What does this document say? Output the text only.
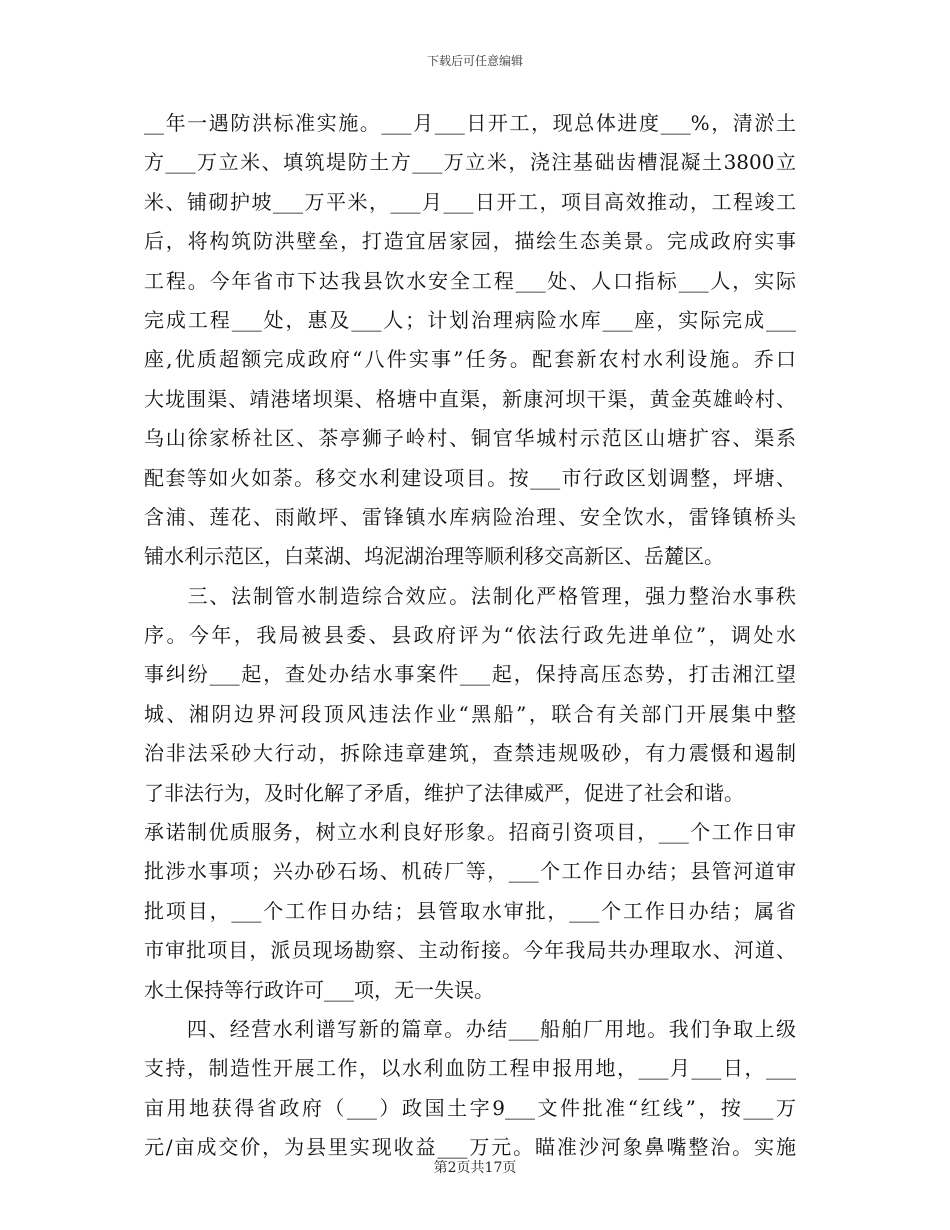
下载后可任意编辑
__年一遇防洪标准实施。___月___日开工，现总体进度___%，清淤土
方___万立米、填筑堤防土方___万立米，浇注基础齿槽混凝土3800立
米、铺砌护坡___万平米，___月___日开工，项目高效推动，工程竣工
后，将构筑防洪壁垒，打造宜居家园，描绘生态美景。完成政府实事
工程。今年省市下达我县饮水安全工程___处、人口指标___人，实际
完成工程___处，惠及___人；计划治理病险水库___座，实际完成___
座,优质超额完成政府“八件实事”任务。配套新农村水利设施。乔口
大垅围渠、靖港堵坝渠、格塘中直渠，新康河坝干渠，黄金英雄岭村、
乌山徐家桥社区、茶亭狮子岭村、铜官华城村示范区山塘扩容、渠系
配套等如火如荼。移交水利建设项目。按___市行政区划调整，坪塘、
含浦、莲花、雨敞坪、雷锋镇水库病险治理、安全饮水，雷锋镇桥头
铺水利示范区，白菜湖、坞泥湖治理等顺利移交高新区、岳麓区。
　　三、法制管水制造综合效应。法制化严格管理，强力整治水事秩
序。今年，我局被县委、县政府评为“依法行政先进单位”，调处水
事纠纷___起，查处办结水事案件___起，保持高压态势，打击湘江望
城、湘阴边界河段顶风违法作业“黑船”，联合有关部门开展集中整
治非法采砂大行动，拆除违章建筑，查禁违规吸砂，有力震慑和遏制
了非法行为，及时化解了矛盾，维护了法律威严，促进了社会和谐。
承诺制优质服务，树立水利良好形象。招商引资项目，___个工作日审
批涉水事项；兴办砂石场、机砖厂等，___个工作日办结；县管河道审
批项目，___个工作日办结；县管取水审批，___个工作日办结；属省
市审批项目，派员现场勘察、主动衔接。今年我局共办理取水、河道、
水土保持等行政许可___项，无一失误。
　　四、经营水利谱写新的篇章。办结___船舶厂用地。我们争取上级
支持，制造性开展工作，以水利血防工程申报用地，___月___日，___
亩用地获得省政府（___）政国土字9___文件批准“红线”，按___万
元/亩成交价，为县里实现收益___万元。瞄准沙河象鼻嘴整治。实施
第2页共17页
